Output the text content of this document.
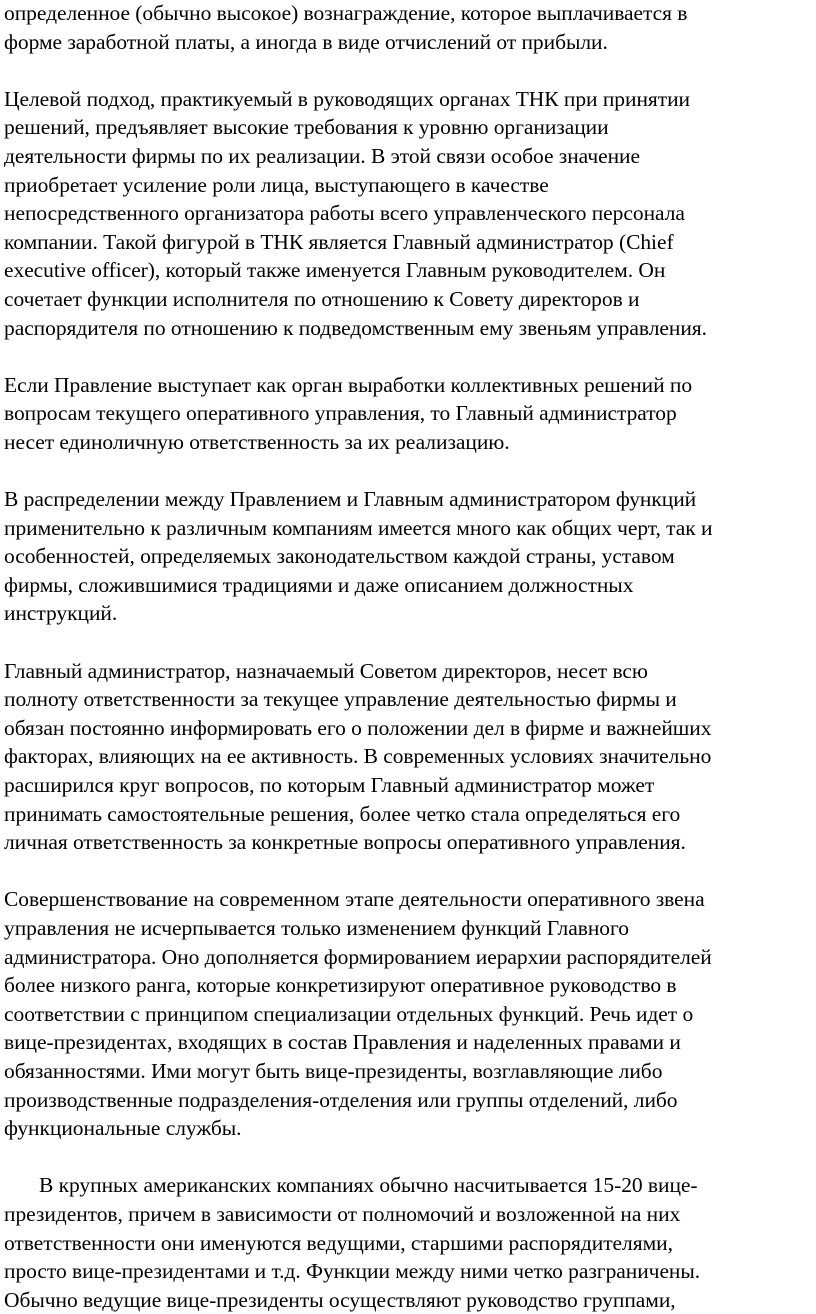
определенное (обычно высокое) вознаграждение, которое выплачивается в
форме заработной платы, а иногда в виде отчислений от прибыли.

Целевой подход, практикуемый в руководящих органах ТНК при принятии
решений, предъявляет высокие требования к уровню организации
деятельности фирмы по их реализации. В этой связи особое значение
приобретает усиление роли лица, выступающего в качестве
непосредственного организатора работы всего управленческого персонала
компании. Такой фигурой в ТНК является Главный администратор (Chief
executive officer), который также именуется Главным руководителем. Он
сочетает функции исполнителя по отношению к Совету директоров и
распорядителя по отношению к подведомственным ему звеньям управления.

Если Правление выступает как орган выработки коллективных решений по
вопросам текущего оперативного управления, то Главный администратор
несет единоличную ответственность за их реализацию.

В распределении между Правлением и Главным администратором функций
применительно к различным компаниям имеется много как общих черт, так и
особенностей, определяемых законодательством каждой страны, уставом
фирмы, сложившимися традициями и даже описанием должностных
инструкций.

Главный администратор, назначаемый Советом директоров, несет всю
полноту ответственности за текущее управление деятельностью фирмы и
обязан постоянно информировать его о положении дел в фирме и важнейших
факторах, влияющих на ее активность. В современных условиях значительно
расширился круг вопросов, по которым Главный администратор может
принимать самостоятельные решения, более четко стала определяться его
личная ответственность за конкретные вопросы оперативного управления.

Совершенствование на современном этапе деятельности оперативного звена
управления не исчерпывается только изменением функций Главного
администратора. Оно дополняется формированием иерархии распорядителей
более низкого ранга, которые конкретизируют оперативное руководство в
соответствии с принципом специализации отдельных функций. Речь идет о
вице-президентах, входящих в состав Правления и наделенных правами и
обязанностями. Ими могут быть вице-президенты, возглавляющие либо
производственные подразделения-отделения или группы отделений, либо
функциональные службы.

В крупных американских компаниях обычно насчитывается 15-20 вице-
президентов, причем в зависимости от полномочий и возложенной на них
ответственности они именуются ведущими, старшими распорядителями,
просто вице-президентами и т.д. Функции между ними четко разграничены.
Обычно ведущие вице-президенты осуществляют руководство группами,
